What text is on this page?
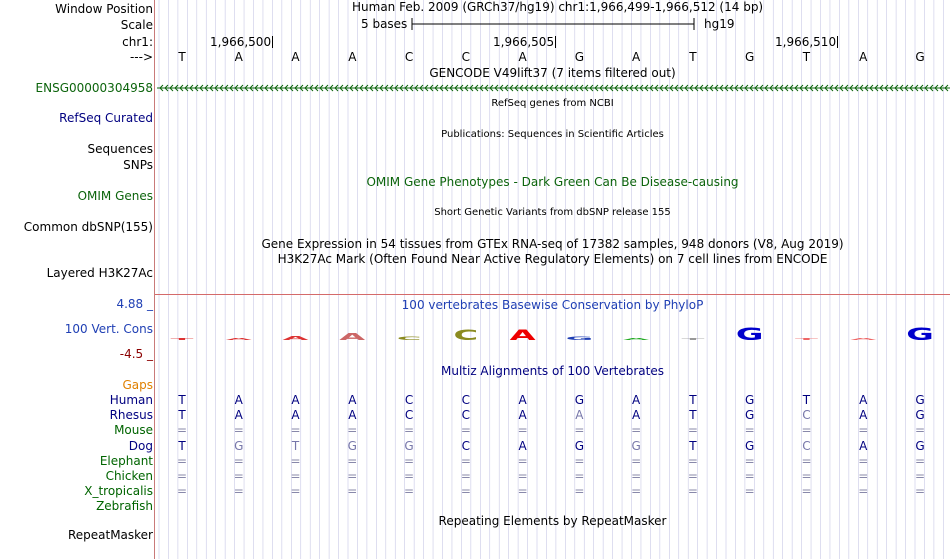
Window Position
Scale
chr1:
--->
Human Feb. 2009 (GRCh37/hg19) chr1:1,966,499-1,966,512 (14 bp)
5 bases	hg19
1,966,500	1,966,505	1,966,510
T	A	A	A	C	C	A	G	A	T	G	T	A	G
GENCODE V49lift37 (7 items filtered out)
ENSG00000304958
RefSeq genes from NCBI
RefSeq Curated
Publications: Sequences in Scientific Articles
Sequences
SNPs
OMIM Gene Phenotypes - Dark Green Can Be Disease-causing
OMIM Genes
Short Genetic Variants from dbSNP release 155
Common dbSNP(155)
Gene Expression in 54 tissues from GTEx RNA-seq of 17382 samples, 948 donors (V8, Aug 2019)
H3K27Ac Mark (Often Found Near Active Regulatory Elements) on 7 cell lines from ENCODE
Layered H3K27Ac
4.88 _	100 vertebrates Basewise Conservation by PhyloP
100 Vert. Cons
-4.5 _
T A A A C C A G A T G T A G
Multiz Alignments of 100 Vertebrates
Gaps
Human	T	A	A	A	C	C	A	G	A	T	G	T	A	G
Rhesus	T	A	A	A	C	C	A	A	A	T	G	C	A	G
Mouse	=	=	=	=	=	=	=	=	=	=	=	=	=	=
Dog	T	G	T	G	G	C	A	G	G	T	G	C	A	G
Elephant	=	=	=	=	=	=	=	=	=	=	=	=	=	=
Chicken	=	=	=	=	=	=	=	=	=	=	=	=	=	=
X_tropicalis	=	=	=	=	=	=	=	=	=	=	=	=	=	=
Zebrafish
Repeating Elements by RepeatMasker
RepeatMasker
